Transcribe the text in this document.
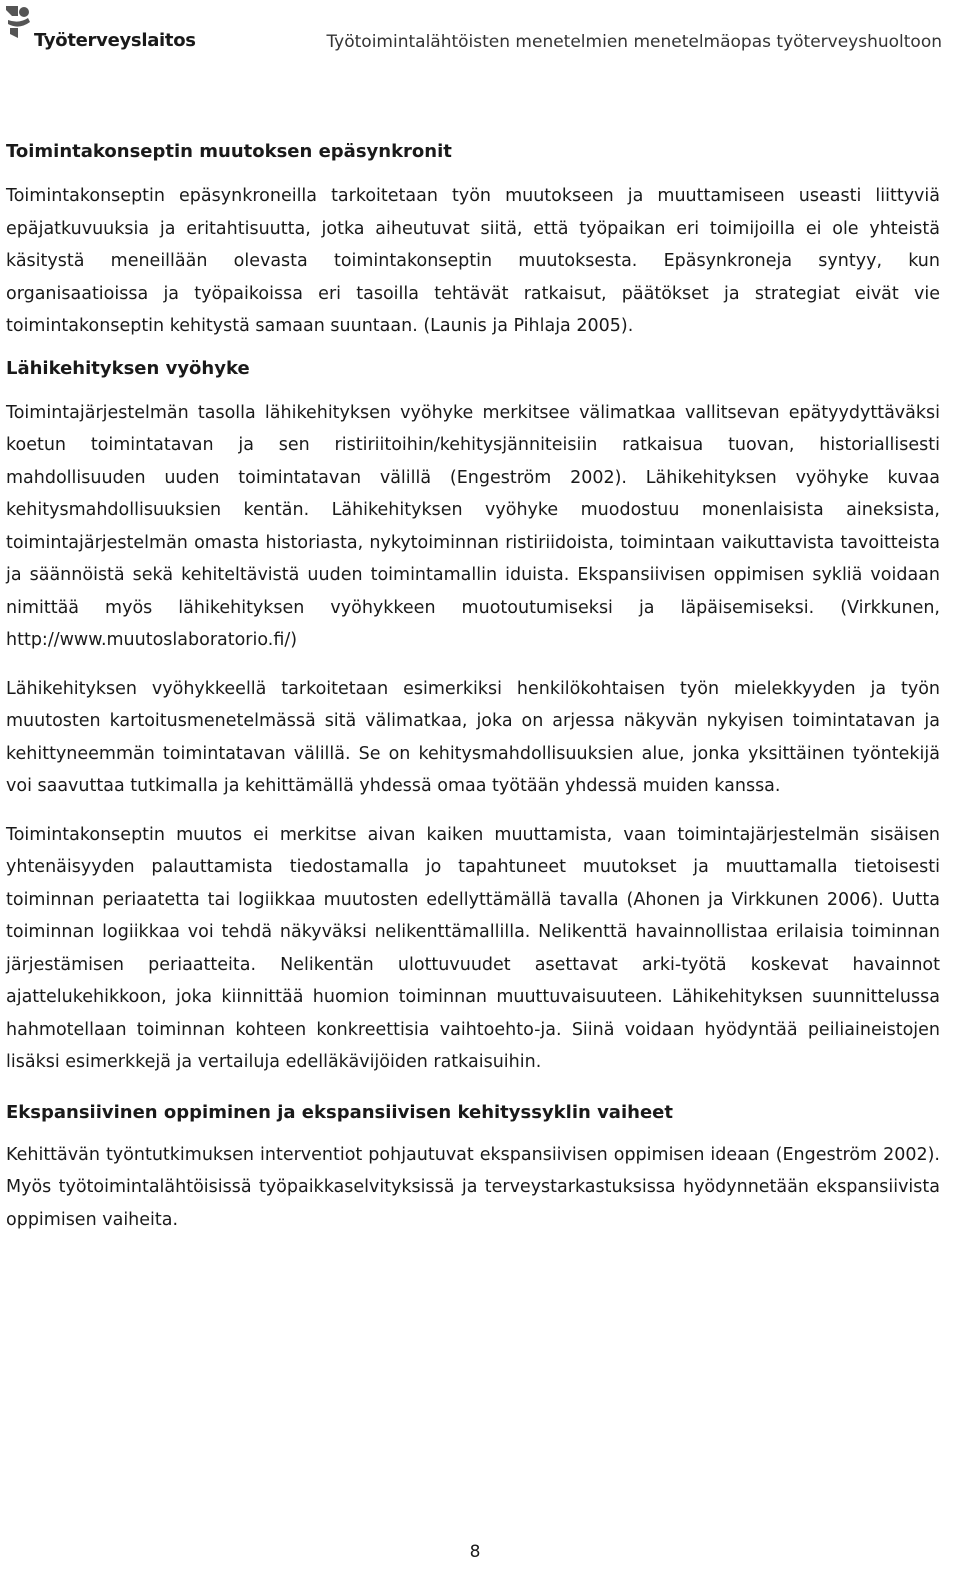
Työterveyslaitos	Työtoimintalähtöisten menetelmien menetelmäopas työterveyshuoltoon
Toimintakonseptin muutoksen epäsynkronit

Toimintakonseptin epäsynkroneilla tarkoitetaan työn muutokseen ja muuttamiseen useasti liittyviä epäjatkuvuuksia ja eritahtisuutta, jotka aiheutuvat siitä, että työpaikan eri toimijoilla ei ole yhteistä käsitystä meneillään olevasta toimintakonseptin muutoksesta. Epäsynkroneja syntyy, kun organisaatioissa ja työpaikoissa eri tasoilla tehtävät ratkaisut, päätökset ja strategiat eivät vie toimintakonseptin kehitystä samaan suuntaan. (Launis ja Pihlaja 2005).

Lähikehityksen vyöhyke

Toimintajärjestelmän tasolla lähikehityksen vyöhyke merkitsee välimatkaa vallitsevan epätyydyttäväksi koetun toimintatavan ja sen ristiriitoihin/kehitysjänniteisiin ratkaisua tuovan, historiallisesti mahdollisuuden uuden toimintatavan välillä (Engeström 2002). Lähikehityksen vyöhyke kuvaa kehitysmahdollisuuksien kentän. Lähikehityksen vyöhyke muodostuu monenlaisista aineksista, toimintajärjestelmän omasta historiasta, nykytoiminnan ristiriidoista, toimintaan vaikuttavista tavoitteista ja säännöistä sekä kehiteltävistä uuden toimintamallin iduista. Ekspansiivisen oppimisen sykliä voidaan nimittää myös lähikehityksen vyöhykkeen muotoutumiseksi ja läpäisemiseksi. (Virkkunen, http://www.muutoslaboratorio.fi/)

Lähikehityksen vyöhykkeellä tarkoitetaan esimerkiksi henkilökohtaisen työn mielekkyyden ja työn muutosten kartoitusmenetelmässä sitä välimatkaa, joka on arjessa näkyvän nykyisen toimintatavan ja kehittyneemmän toimintatavan välillä. Se on kehitysmahdollisuuksien alue, jonka yksittäinen työntekijä voi saavuttaa tutkimalla ja kehittämällä yhdessä omaa työtään yhdessä muiden kanssa.

Toimintakonseptin muutos ei merkitse aivan kaiken muuttamista, vaan toimintajärjestelmän sisäisen yhtenäisyyden palauttamista tiedostamalla jo tapahtuneet muutokset ja muuttamalla tietoisesti toiminnan periaatetta tai logiikkaa muutosten edellyttämällä tavalla (Ahonen ja Virkkunen 2006). Uutta toiminnan logiikkaa voi tehdä näkyväksi nelikenttämallilla. Nelikenttä havainnollistaa erilaisia toiminnan järjestämisen periaatteita. Nelikentän ulottuvuudet asettavat arki-työtä koskevat havainnot ajattelukehikkoon, joka kiinnittää huomion toiminnan muuttuvaisuuteen. Lähikehityksen suunnittelussa hahmotellaan toiminnan kohteen konkreettisia vaihtoehto-ja. Siinä voidaan hyödyntää peiliaineistojen lisäksi esimerkkejä ja vertailuja edelläkävijöiden ratkaisuihin.

Ekspansiivinen oppiminen ja ekspansiivisen kehityssyklin vaiheet

Kehittävän työntutkimuksen interventiot pohjautuvat ekspansiivisen oppimisen ideaan (Engeström 2002). Myös työtoimintalähtöisissä työpaikkaselvityksissä ja terveystarkastuksissa hyödynnetään ekspansiivista oppimisen vaiheita.

8
